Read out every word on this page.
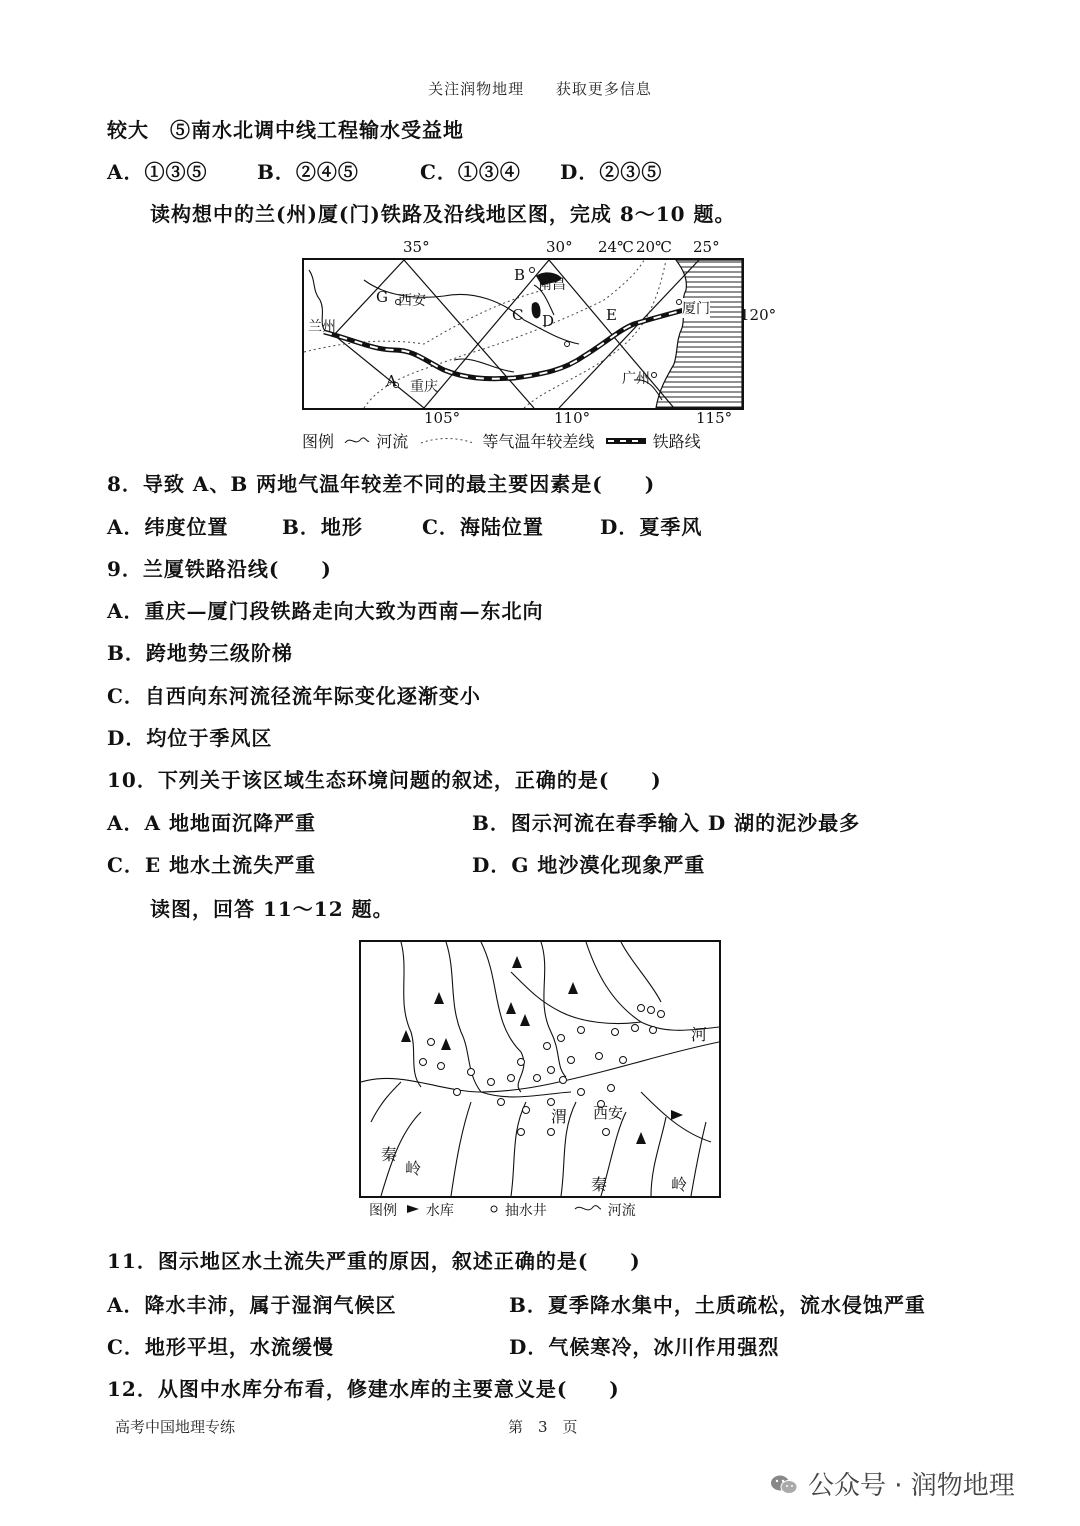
关注润物地理 获取更多信息
较大　⑤南水北调中线工程输水受益地
A．①③⑤ B．②④⑤	C．①③④ D．②③⑤
读构想中的兰(州)厦(门)铁路及沿线地区图，完成 8～10 题。
35°	30° 24℃ 20℃ 25°
G 西安
兰州
A 重庆
B
南昌
C D	E	厦门
广州
120°
105°	110°	115°
图例	河流	等气温年较差线	铁路线
8．导致 A、B 两地气温年较差不同的最主要因素是(　　)
A．纬度位置	B．地形	C．海陆位置	D．夏季风
9．兰厦铁路沿线(　　)
A．重庆—厦门段铁路走向大致为西南—东北向
B．跨地势三级阶梯
C．自西向东河流径流年际变化逐渐变小
D．均位于季风区
10．下列关于该区域生态环境问题的叙述，正确的是(　　)
A．A 地地面沉降严重	B．图示河流在春季输入 D 湖的泥沙最多
C．E 地水土流失严重	D．G 地沙漠化现象严重
读图，回答 11～12 题。
河
渭 西安
秦
岭
秦	岭
图例 水库	抽水井	河流
11．图示地区水土流失严重的原因，叙述正确的是(　　)
A．降水丰沛，属于湿润气候区	B．夏季降水集中，土质疏松，流水侵蚀严重
C．地形平坦，水流缓慢	D．气候寒冷，冰川作用强烈
12．从图中水库分布看，修建水库的主要意义是(　　)
高考中国地理专练	第　3　页
公众号 · 润物地理
